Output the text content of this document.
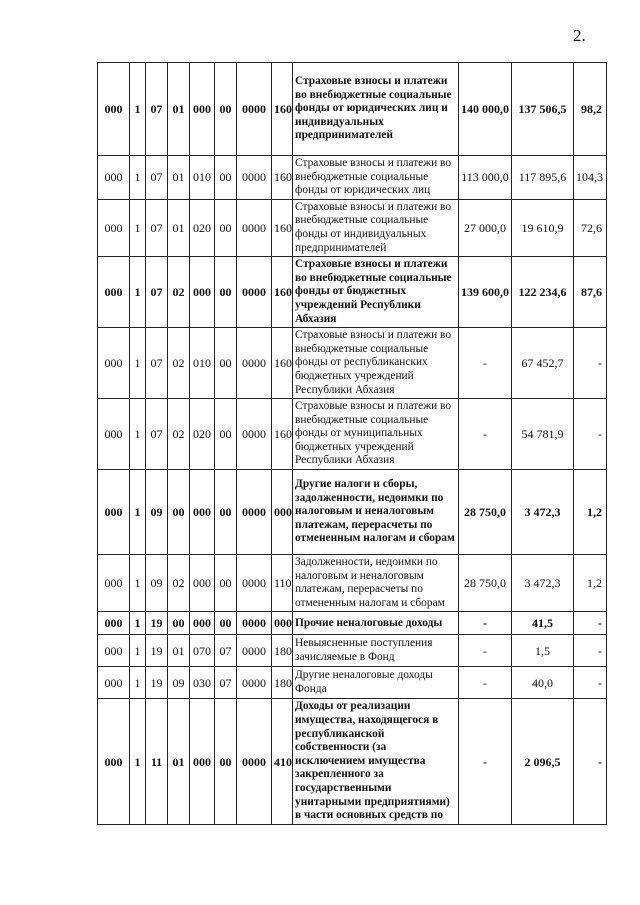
2.
000	1	07	01	000	00	0000	160	Страховые взносы и платежи во внебюджетные социальные фонды от юридических лиц и индивидуальных предпринимателей	140 000,0	137 506,5	98,2
000	1	07	01	010	00	0000	160	Страховые взносы и платежи во внебюджетные социальные фонды от юридических лиц	113 000,0	117 895,6	104,3
000	1	07	01	020	00	0000	160	Страховые взносы и платежи во внебюджетные социальные фонды от индивидуальных предпринимателей	27 000,0	19 610,9	72,6
000	1	07	02	000	00	0000	160	Страховые взносы и платежи во внебюджетные социальные фонды от бюджетных учреждений Республики Абхазия	139 600,0	122 234,6	87,6
000	1	07	02	010	00	0000	160	Страховые взносы и платежи во внебюджетные социальные фонды от республиканских бюджетных учреждений Республики Абхазия	-	67 452,7	-
000	1	07	02	020	00	0000	160	Страховые взносы и платежи во внебюджетные социальные фонды от муниципальных бюджетных учреждений Республики Абхазия	-	54 781,9	-
000	1	09	00	000	00	0000	000	Другие налоги и сборы, задолженности, недоимки по налоговым и неналоговым платежам, перерасчеты по отмененным налогам и сборам	28 750,0	3 472,3	1,2
000	1	09	02	000	00	0000	110	Задолженности, недоимки по налоговым и неналоговым платежам, перерасчеты по отмененным налогам и сборам	28 750,0	3 472,3	1,2
000	1	19	00	000	00	0000	000	Прочие неналоговые доходы	-	41,5	-
000	1	19	01	070	07	0000	180	Невыясненные поступления зачисляемые в Фонд	-	1,5	-
000	1	19	09	030	07	0000	180	Другие неналоговые доходы Фонда	-	40,0	-
000	1	11	01	000	00	0000	410	Доходы от реализации имущества, находящегося в республиканской собственности (за исключением имущества закрепленного за государственными унитарными предприятиями) в части основных средств по	-	2 096,5	-
